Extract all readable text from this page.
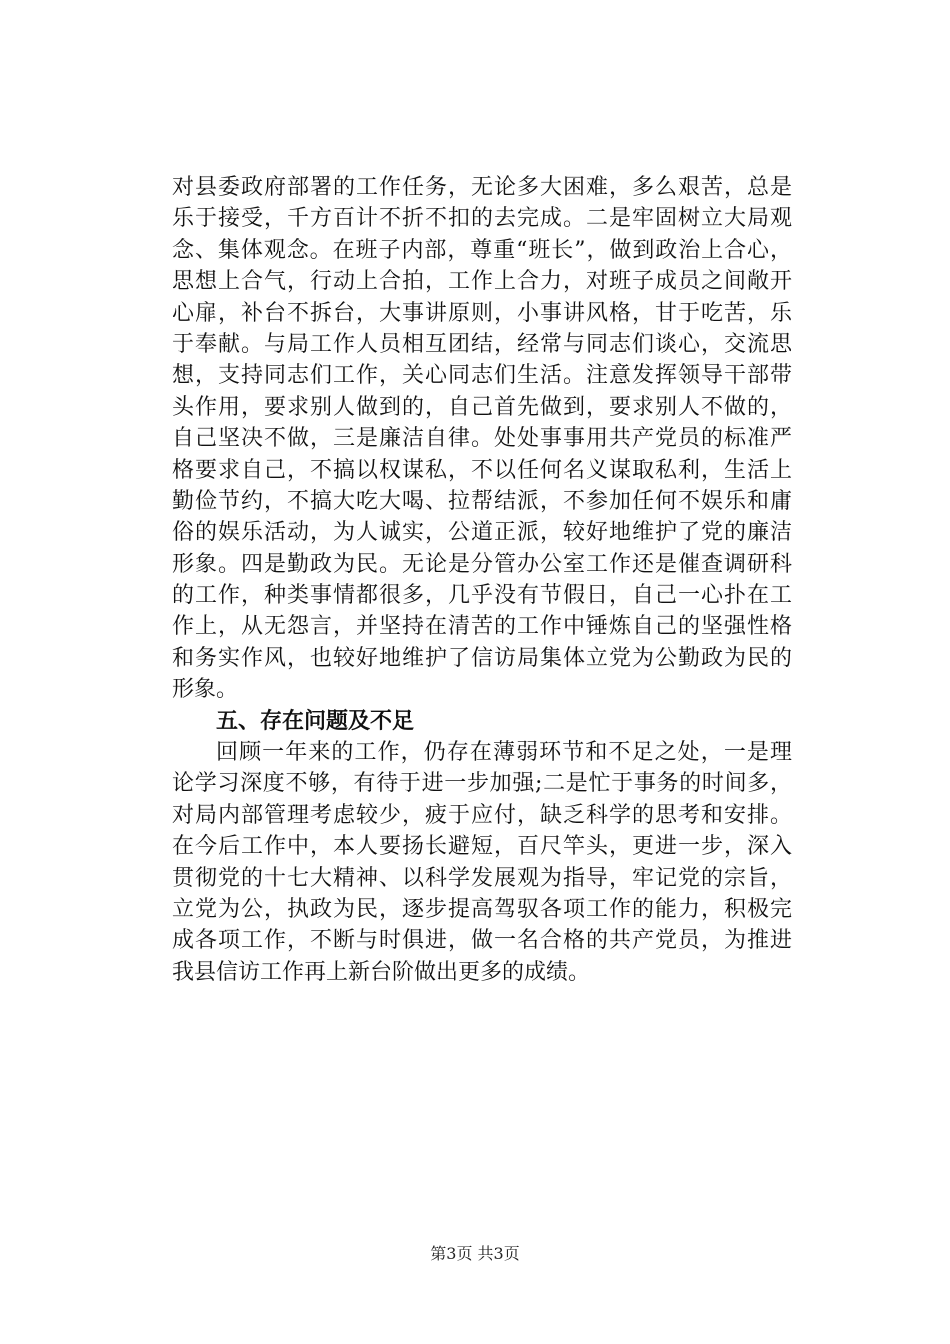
对县委政府部署的工作任务，无论多大困难，多么艰苦，总是
乐于接受，千方百计不折不扣的去完成。二是牢固树立大局观
念、集体观念。在班子内部，尊重“班长”，做到政治上合心，
思想上合气，行动上合拍，工作上合力，对班子成员之间敞开
心扉，补台不拆台，大事讲原则，小事讲风格，甘于吃苦，乐
于奉献。与局工作人员相互团结，经常与同志们谈心，交流思
想，支持同志们工作，关心同志们生活。注意发挥领导干部带
头作用，要求别人做到的，自己首先做到，要求别人不做的，
自己坚决不做，三是廉洁自律。处处事事用共产党员的标准严
格要求自己，不搞以权谋私，不以任何名义谋取私利，生活上
勤俭节约，不搞大吃大喝、拉帮结派，不参加任何不娱乐和庸
俗的娱乐活动，为人诚实，公道正派，较好地维护了党的廉洁
形象。四是勤政为民。无论是分管办公室工作还是催查调研科
的工作，种类事情都很多，几乎没有节假日，自己一心扑在工
作上，从无怨言，并坚持在清苦的工作中锤炼自己的坚强性格
和务实作风，也较好地维护了信访局集体立党为公勤政为民的
形象。
五、存在问题及不足
回顾一年来的工作，仍存在薄弱环节和不足之处，一是理
论学习深度不够，有待于进一步加强;二是忙于事务的时间多，
对局内部管理考虑较少，疲于应付，缺乏科学的思考和安排。
在今后工作中，本人要扬长避短，百尺竿头，更进一步，深入
贯彻党的十七大精神、以科学发展观为指导，牢记党的宗旨，
立党为公，执政为民，逐步提高驾驭各项工作的能力，积极完
成各项工作，不断与时俱进，做一名合格的共产党员，为推进
我县信访工作再上新台阶做出更多的成绩。
第3页 共3页
